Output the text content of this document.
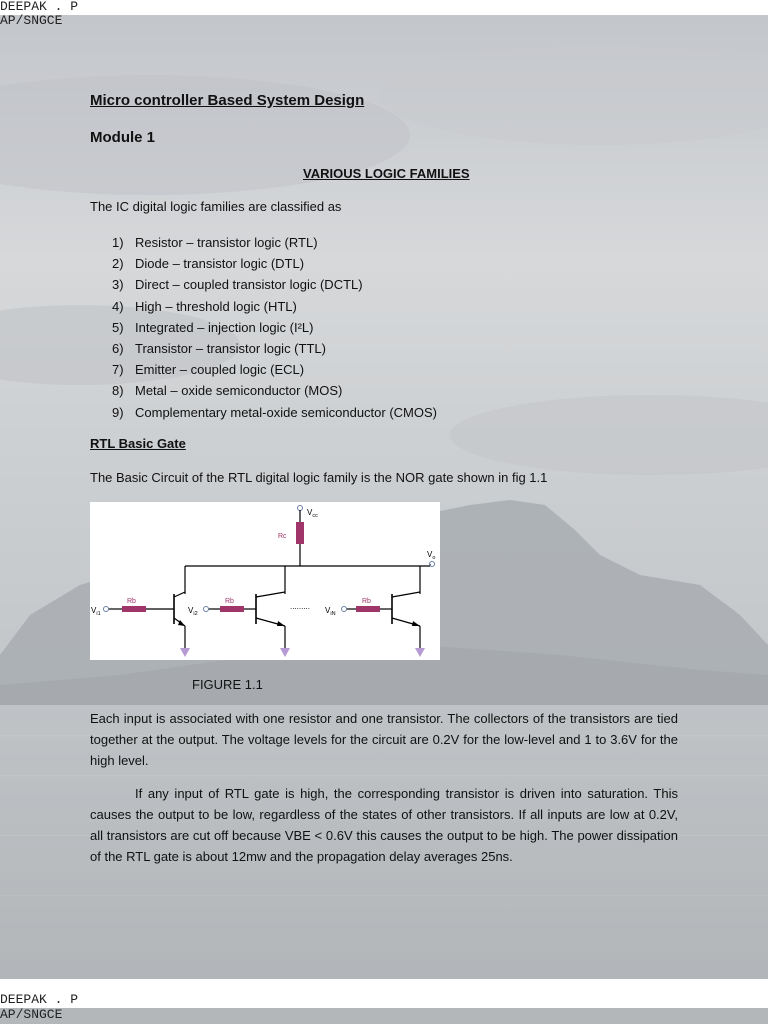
DEEPAK . P
AP/SNGCE
Micro controller Based System Design
Module 1
VARIOUS LOGIC FAMILIES
The IC digital logic families are classified as
1) Resistor – transistor logic (RTL)
2) Diode – transistor logic (DTL)
3) Direct – coupled transistor logic (DCTL)
4) High – threshold logic (HTL)
5) Integrated – injection logic (I²L)
6) Transistor – transistor logic (TTL)
7) Emitter – coupled logic (ECL)
8) Metal – oxide semiconductor (MOS)
9) Complementary metal-oxide semiconductor (CMOS)
RTL Basic Gate
The Basic Circuit of the RTL digital logic family is the NOR gate shown in fig 1.1
$V_{cc}$
Rc
$V_o$
Rb
$V_{i1}$
Rb
$V_{i2}$
.........
Rb
$V_{iN}$
FIGURE 1.1
Each input is associated with one resistor and one transistor. The collectors of the transistors are tied together at the output. The voltage levels for the circuit are 0.2V for the low-level and 1 to 3.6V for the high level.
If any input of RTL gate is high, the corresponding transistor is driven into saturation. This causes the output to be low, regardless of the states of other transistors. If all inputs are low at 0.2V, all transistors are cut off because VBE < 0.6V this causes the output to be high. The power dissipation of the RTL gate is about 12mw and the propagation delay averages 25ns.
DEEPAK . P
AP/SNGCE
